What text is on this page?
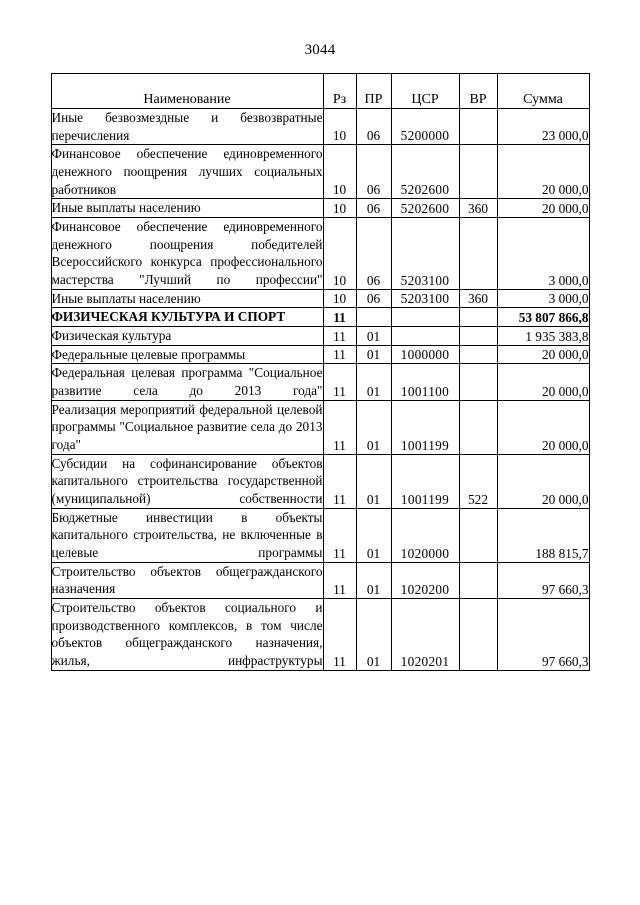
3044
Наименование	Рз	ПР	ЦСР	ВР	Сумма
Иные безвозмездные и безвозвратные перечисления	10	06	5200000		23 000,0
Финансовое обеспечение единовременного денежного поощрения лучших социальных работников	10	06	5202600		20 000,0
Иные выплаты населению	10	06	5202600	360	20 000,0
Финансовое обеспечение единовременного денежного поощрения победителей Всероссийского конкурса профессионального мастерства "Лучший по профессии"	10	06	5203100		3 000,0
Иные выплаты населению	10	06	5203100	360	3 000,0
ФИЗИЧЕСКАЯ КУЛЬТУРА И СПОРТ	11				53 807 866,8
Физическая культура	11	01			1 935 383,8
Федеральные целевые программы	11	01	1000000		20 000,0
Федеральная целевая программа "Социальное развитие села до 2013 года"	11	01	1001100		20 000,0
Реализация мероприятий федеральной целевой программы "Социальное развитие села до 2013 года"	11	01	1001199		20 000,0
Субсидии на софинансирование объектов капитального строительства государственной (муниципальной) собственности	11	01	1001199	522	20 000,0
Бюджетные инвестиции в объекты капитального строительства, не включенные в целевые программы	11	01	1020000		188 815,7
Строительство объектов общегражданского назначения	11	01	1020200		97 660,3
Строительство объектов социального и производственного комплексов, в том числе объектов общегражданского назначения, жилья, инфраструктуры	11	01	1020201		97 660,3
